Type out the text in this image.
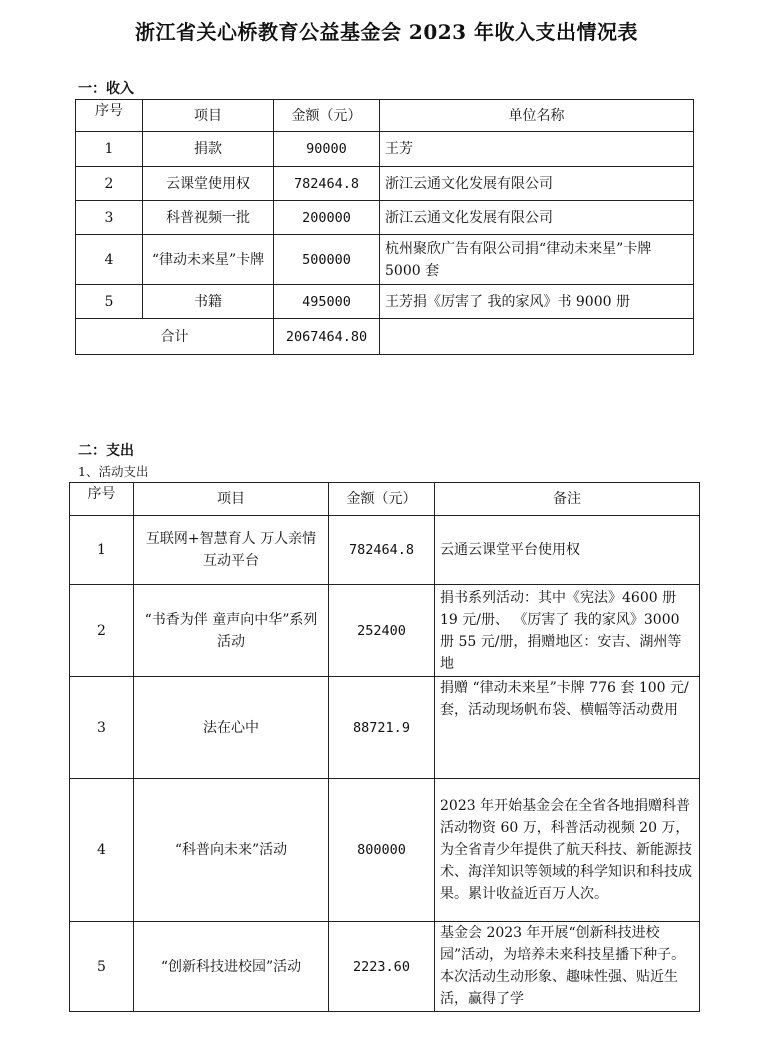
浙江省关心桥教育公益基金会 2023 年收入支出情况表
一：收入
序号	项目	金额（元）	单位名称
1	捐款	90000	王芳
2	云课堂使用权	782464.8	浙江云通文化发展有限公司
3	科普视频一批	200000	浙江云通文化发展有限公司
4	“律动未来星”卡牌	500000	杭州聚欣广告有限公司捐“律动未来星”卡牌 5000 套
5	书籍	495000	王芳捐《厉害了 我的家风》书 9000 册
合计		2067464.80	
二：支出
1、活动支出
序号	项目	金额（元）	备注
1	互联网+智慧育人 万人亲情互动平台	782464.8	云通云课堂平台使用权
2	“书香为伴 童声向中华”系列活动	252400	捐书系列活动：其中《宪法》4600 册 19 元/册、 《厉害了 我的家风》3000 册 55 元/册，捐赠地区：安吉、湖州等地
3	法在心中	88721.9	捐赠 “律动未来星”卡牌 776 套 100 元/套，活动现场帆布袋、横幅等活动费用
4	“科普向未来”活动	800000	2023 年开始基金会在全省各地捐赠科普活动物资 60 万，科普活动视频 20 万，为全省青少年提供了航天科技、新能源技术、海洋知识等领域的科学知识和科技成果。累计收益近百万人次。
5	“创新科技进校园”活动	2223.60	基金会 2023 年开展“创新科技进校园”活动，为培养未来科技星播下种子。本次活动生动形象、趣味性强、贴近生活，赢得了学
